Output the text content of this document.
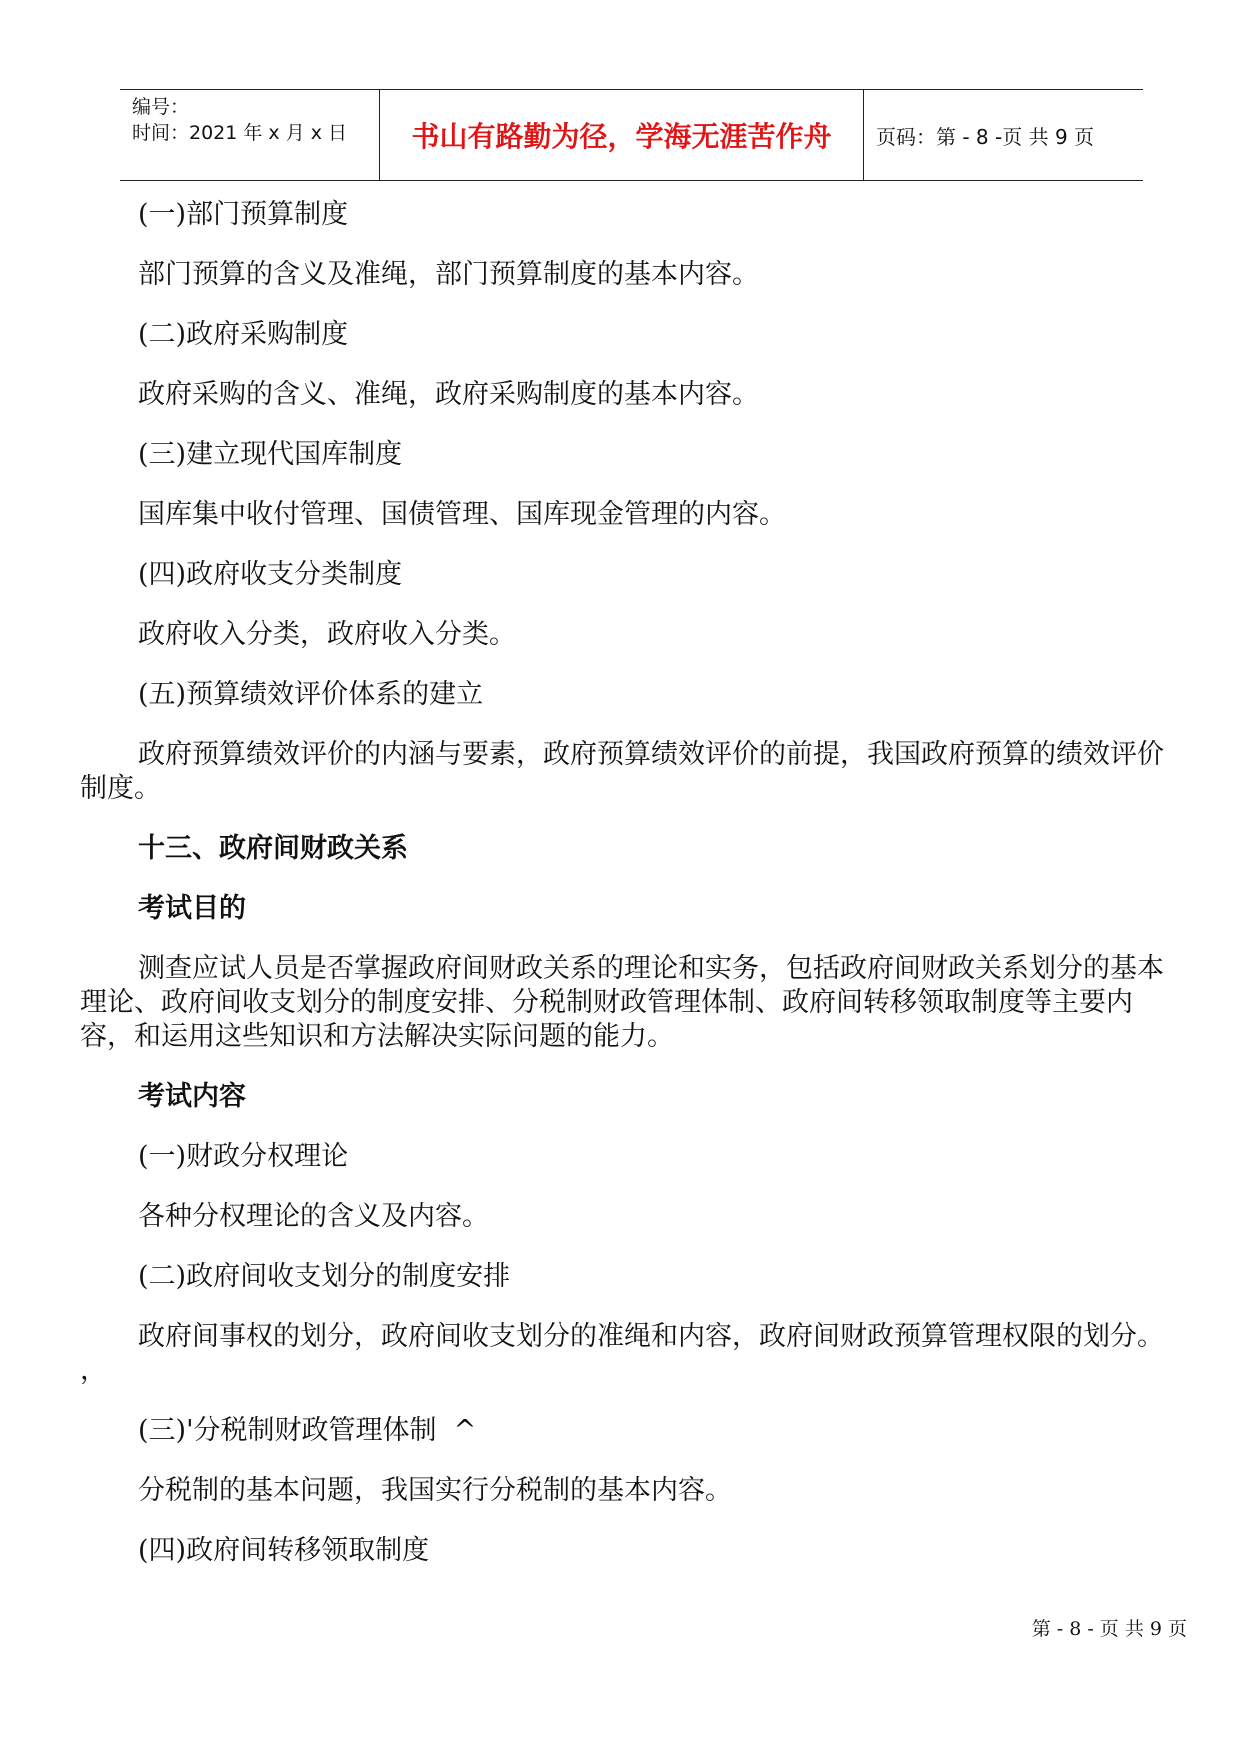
编号：
时间：2021 年 x 月 x 日	书山有路勤为径，学海无涯苦作舟	页码：第 - 8 -页 共 9 页
(一)部门预算制度
部门预算的含义及准绳，部门预算制度的基本内容。
(二)政府采购制度
政府采购的含义、准绳，政府采购制度的基本内容。
(三)建立现代国库制度
国库集中收付管理、国债管理、国库现金管理的内容。
(四)政府收支分类制度
政府收入分类，政府收入分类。
(五)预算绩效评价体系的建立
政府预算绩效评价的内涵与要素，政府预算绩效评价的前提，我国政府预算的绩效评价制度。
十三、政府间财政关系
考试目的
测查应试人员是否掌握政府间财政关系的理论和实务，包括政府间财政关系划分的基本理论、政府间收支划分的制度安排、分税制财政管理体制、政府间转移领取制度等主要内容，和运用这些知识和方法解决实际问题的能力。
考试内容
(一)财政分权理论
各种分权理论的含义及内容。
(二)政府间收支划分的制度安排
政府间事权的划分，政府间收支划分的准绳和内容，政府间财政预算管理权限的划分。  ，
(三)'分税制财政管理体制  ^
分税制的基本问题，我国实行分税制的基本内容。
(四)政府间转移领取制度
第 - 8 - 页 共 9 页
